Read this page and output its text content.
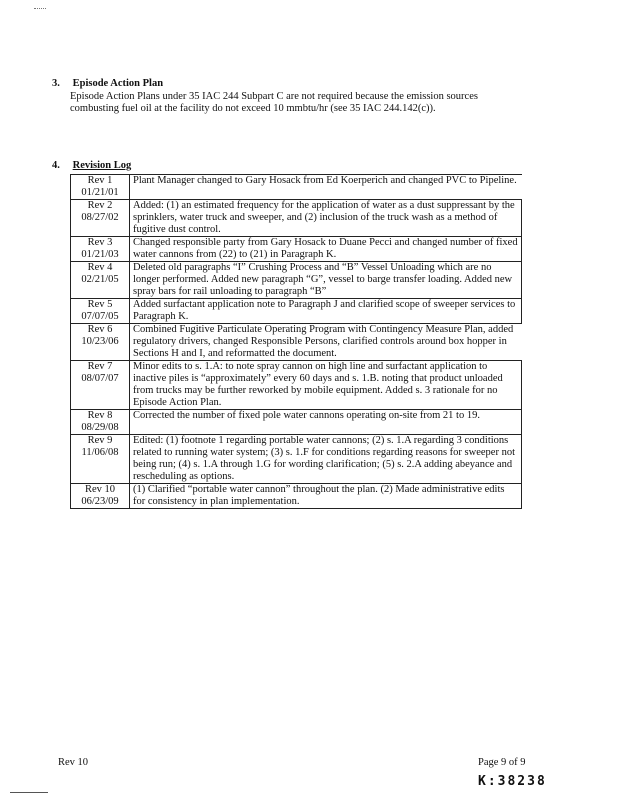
3. Episode Action Plan
Episode Action Plans under 35 IAC 244 Subpart C are not required because the emission sources combusting fuel oil at the facility do not exceed 10 mmbtu/hr (see 35 IAC 244.142(c)).
4. Revision Log
Rev 1
01/21/01	Plant Manager changed to Gary Hosack from Ed Koerperich and changed PVC to Pipeline.

Rev 2
08/27/02	Added: (1) an estimated frequency for the application of water as a dust suppressant by the sprinklers, water truck and sweeper, and (2) inclusion of the truck wash as a method of fugitive dust control.

Rev 3
01/21/03	Changed responsible party from Gary Hosack to Duane Pecci and changed number of fixed water cannons from (22) to (21) in Paragraph K.

Rev 4
02/21/05	Deleted old paragraphs “I” Crushing Process and “B” Vessel Unloading which are no longer performed. Added new paragraph “G”, vessel to barge transfer loading. Added new spray bars for rail unloading to paragraph “B”

Rev 5
07/07/05	Added surfactant application note to Paragraph J and clarified scope of sweeper services to Paragraph K.

Rev 6
10/23/06	Combined Fugitive Particulate Operating Program with Contingency Measure Plan, added regulatory drivers, changed Responsible Persons, clarified controls around box hopper in Sections H and I, and reformatted the document.

Rev 7
08/07/07	Minor edits to s. 1.A: to note spray cannon on high line and surfactant application to inactive piles is “approximately” every 60 days and s. 1.B. noting that product unloaded from trucks may be further reworked by mobile equipment. Added s. 3 rationale for no Episode Action Plan.

Rev 8
08/29/08	Corrected the number of fixed pole water cannons operating on-site from 21 to 19.

Rev 9
11/06/08	Edited: (1) footnote 1 regarding portable water cannons; (2) s. 1.A regarding 3 conditions related to running water system; (3) s. 1.F for conditions regarding reasons for sweeper not being run; (4) s. 1.A through 1.G for wording clarification; (5) s. 2.A adding abeyance and rescheduling as options.

Rev 10
06/23/09	(1) Clarified “portable water cannon” throughout the plan. (2) Made administrative edits for consistency in plan implementation.
Rev 10	Page 9 of 9
K:38238
